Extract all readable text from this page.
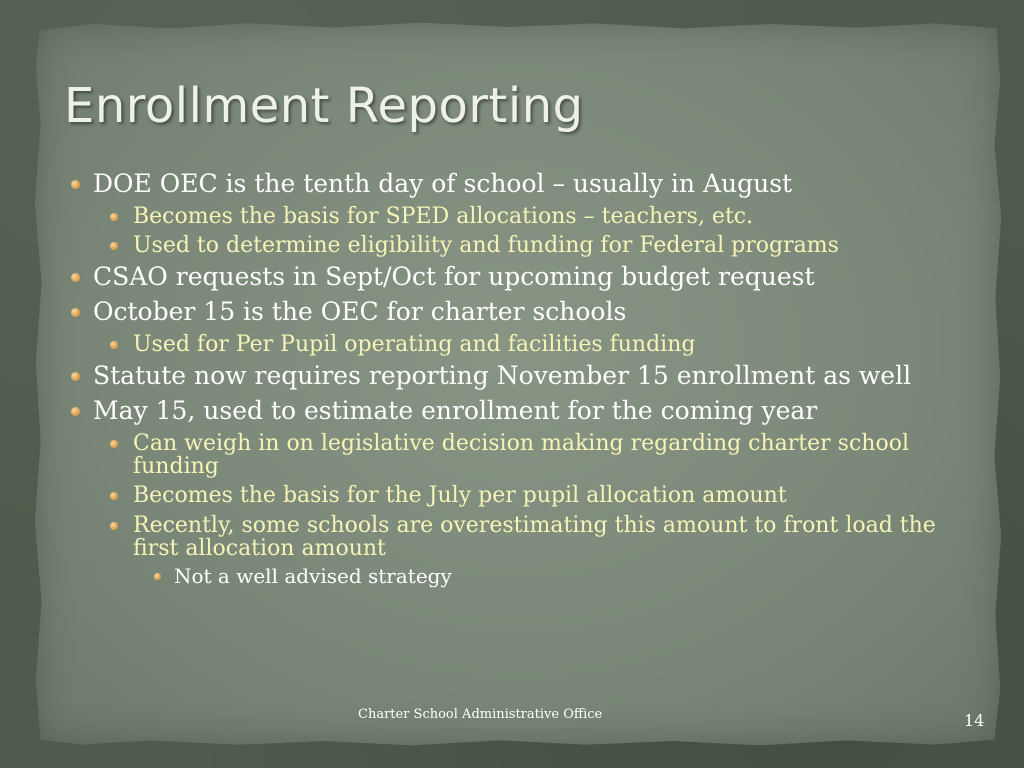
Enrollment Reporting
DOE OEC is the tenth day of school – usually in August
Becomes the basis for SPED allocations – teachers, etc.
Used to determine eligibility and funding for Federal programs
CSAO requests in Sept/Oct for upcoming budget request
October 15 is the OEC for charter schools
Used for Per Pupil operating and facilities funding
Statute now requires reporting November 15 enrollment as well
May 15, used to estimate enrollment for the coming year
Can weigh in on legislative decision making regarding charter school funding
Becomes the basis for the July per pupil allocation amount
Recently, some schools are overestimating this amount to front load the first allocation amount
Not a well advised strategy
Charter School Administrative Office	14
